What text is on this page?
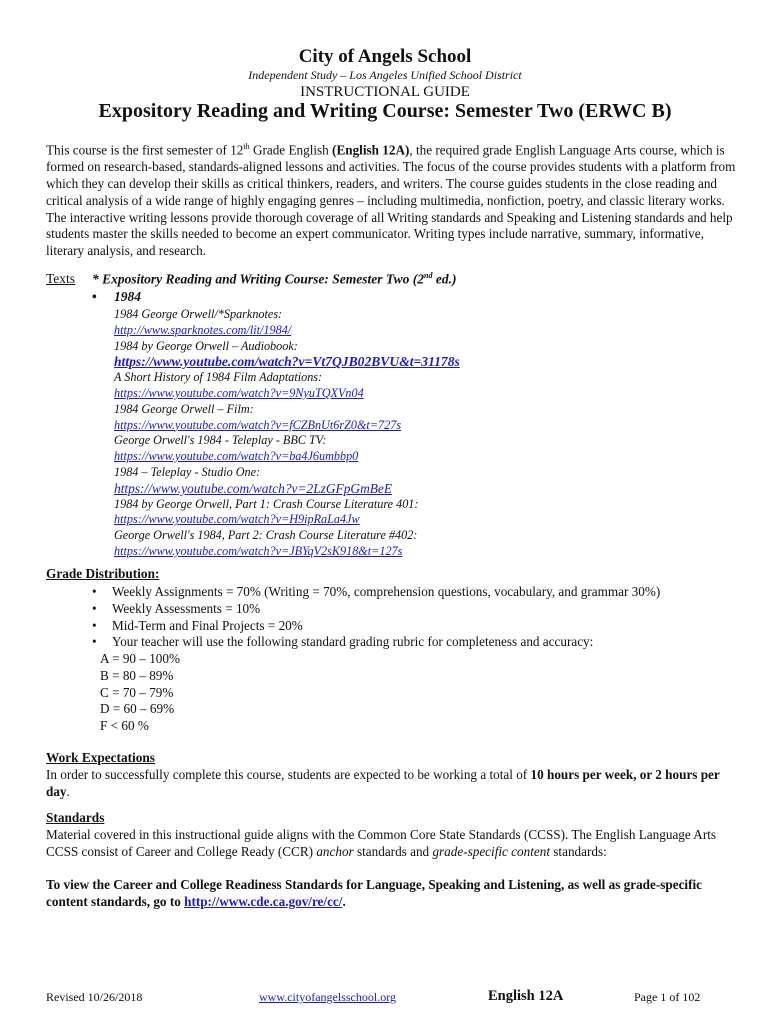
City of Angels School
Independent Study – Los Angeles Unified School District
INSTRUCTIONAL GUIDE
Expository Reading and Writing Course: Semester Two (ERWC B)
This course is the first semester of 12th Grade English (English 12A), the required grade English Language Arts course, which is formed on research-based, standards-aligned lessons and activities. The focus of the course provides students with a platform from which they can develop their skills as critical thinkers, readers, and writers. The course guides students in the close reading and critical analysis of a wide range of highly engaging genres – including multimedia, nonfiction, poetry, and classic literary works. The interactive writing lessons provide thorough coverage of all Writing standards and Speaking and Listening standards and help students master the skills needed to become an expert communicator. Writing types include narrative, summary, informative, literary analysis, and research.
Texts * Expository Reading and Writing Course: Semester Two (2nd ed.)
• 1984
1984 George Orwell/*Sparknotes:
http://www.sparknotes.com/lit/1984/
1984 by George Orwell – Audiobook:
https://www.youtube.com/watch?v=Vt7QJB02BVU&t=31178s
A Short History of 1984 Film Adaptations:
https://www.youtube.com/watch?v=9NyuTQXVn04
1984 George Orwell – Film:
https://www.youtube.com/watch?v=fCZBnUt6rZ0&t=727s
George Orwell's 1984 - Teleplay - BBC TV:
https://www.youtube.com/watch?v=ba4J6umbbp0
1984 – Teleplay - Studio One:
https://www.youtube.com/watch?v=2LzGFpGmBeE
1984 by George Orwell, Part 1: Crash Course Literature 401:
https://www.youtube.com/watch?v=H9ipRaLa4Jw
George Orwell's 1984, Part 2: Crash Course Literature #402:
https://www.youtube.com/watch?v=JBYqV2sK918&t=127s
Grade Distribution:
• Weekly Assignments = 70% (Writing = 70%, comprehension questions, vocabulary, and grammar 30%)
• Weekly Assessments = 10%
• Mid-Term and Final Projects = 20%
• Your teacher will use the following standard grading rubric for completeness and accuracy:
A = 90 – 100%
B = 80 – 89%
C = 70 – 79%
D = 60 – 69%
F < 60 %
Work Expectations
In order to successfully complete this course, students are expected to be working a total of 10 hours per week, or 2 hours per day.
Standards
Material covered in this instructional guide aligns with the Common Core State Standards (CCSS). The English Language Arts CCSS consist of Career and College Ready (CCR) anchor standards and grade-specific content standards:
To view the Career and College Readiness Standards for Language, Speaking and Listening, as well as grade-specific content standards, go to http://www.cde.ca.gov/re/cc/.
Revised 10/26/2018	www.cityofangelsschool.org	English 12A	Page 1 of 102
